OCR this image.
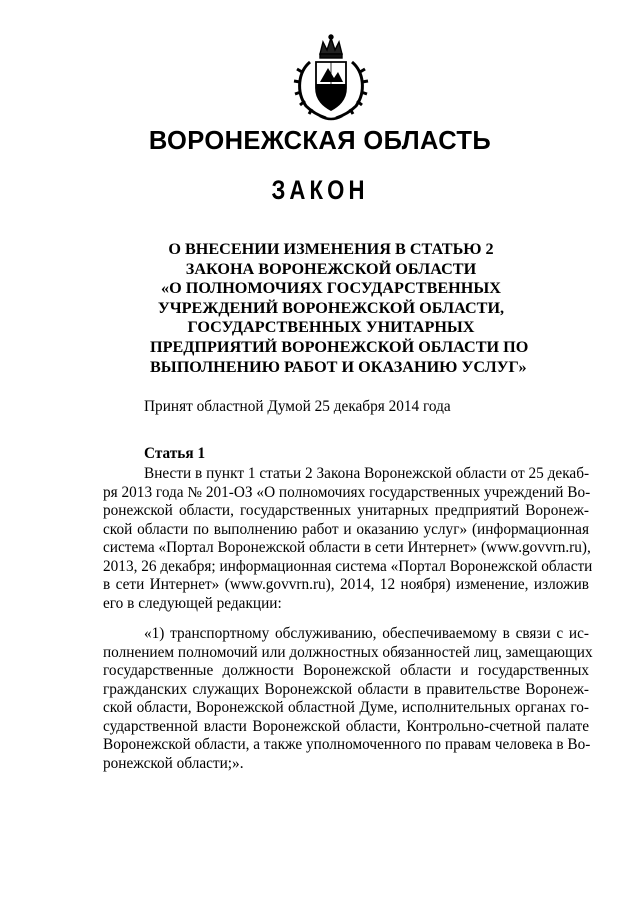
ВОРОНЕЖСКАЯ ОБЛАСТЬ
ЗАКОН
О ВНЕСЕНИИ ИЗМЕНЕНИЯ В СТАТЬЮ 2
ЗАКОНА ВОРОНЕЖСКОЙ ОБЛАСТИ
«О ПОЛНОМОЧИЯХ ГОСУДАРСТВЕННЫХ
УЧРЕЖДЕНИЙ ВОРОНЕЖСКОЙ ОБЛАСТИ,
ГОСУДАРСТВЕННЫХ УНИТАРНЫХ
ПРЕДПРИЯТИЙ ВОРОНЕЖСКОЙ ОБЛАСТИ ПО
ВЫПОЛНЕНИЮ РАБОТ И ОКАЗАНИЮ УСЛУГ»
Принят областной Думой 25 декабря 2014 года
Статья 1
Внести в пункт 1 статьи 2 Закона Воронежской области от 25 декаб-
ря 2013 года № 201-ОЗ «О полномочиях государственных учреждений Во-
ронежской области, государственных унитарных предприятий Воронеж-
ской области по выполнению работ и оказанию услуг» (информационная
система «Портал Воронежской области в сети Интернет» (www.govvrn.ru),
2013, 26 декабря; информационная система «Портал Воронежской области
в сети Интернет» (www.govvrn.ru), 2014, 12 ноября) изменение, изложив
его в следующей редакции:
«1) транспортному обслуживанию, обеспечиваемому в связи с ис-
полнением полномочий или должностных обязанностей лиц, замещающих
государственные должности Воронежской области и государственных
гражданских служащих Воронежской области в правительстве Воронеж-
ской области, Воронежской областной Думе, исполнительных органах го-
сударственной власти Воронежской области, Контрольно-счетной палате
Воронежской области, а также уполномоченного по правам человека в Во-
ронежской области;».
